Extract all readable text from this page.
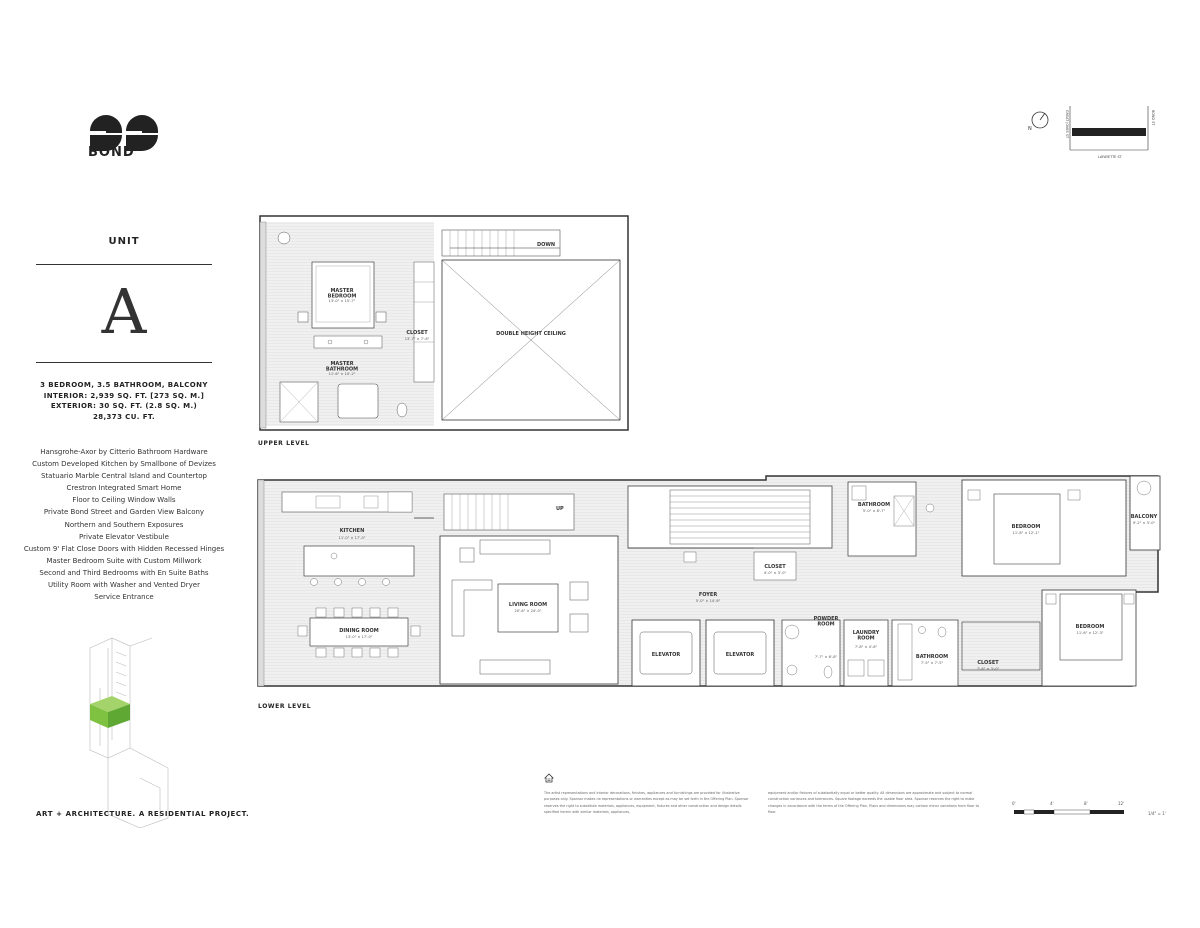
BOND
UNIT
A
3 BEDROOM, 3.5 BATHROOM, BALCONY
INTERIOR: 2,939 SQ. FT. [273 SQ. M.]
EXTERIOR: 30 SQ. FT. (2.8 SQ. M.)
28,373 CU. FT.
Hansgrohe-Axor by Citterio Bathroom Hardware
Custom Developed Kitchen by Smallbone of Devizes
Statuario Marble Central Island and Countertop
Crestron Integrated Smart Home
Floor to Ceiling Window Walls
Private Bond Street and Garden View Balcony
Northern and Southern Exposures
Private Elevator Vestibule
Custom 9' Flat Close Doors with Hidden Recessed Hinges
Master Bedroom Suite with Custom Millwork
Second and Third Bedrooms with En Suite Baths
Utility Room with Washer and Vented Dryer
Service Entrance
ART + ARCHITECTURE. A RESIDENTIAL PROJECT.
N	GREAT JONES ST	BOND ST
LAFAYETTE ST
DOWN
DOUBLE HEIGHT CEILING
CLOSET
13'-7" × 7'-6"
MASTER BEDROOM
13'-0" × 15'-7"
MASTER BATHROOM
11'-6" × 10'-2"
UPPER LEVEL
KITCHEN
11'-0" × 17'-0"
DINING ROOM
13'-0" × 17'-0"
UP
LIVING ROOM
20'-6" × 24'-0"
CLOSET
4'-0" × 3'-0"
FOYER
5'-0" × 14'-6"
ELEVATOR	ELEVATOR
POWDER ROOM
7'-7" × 6'-8"
LAUNDRY ROOM
7'-8" × 4'-6"
BATHROOM
7'-5" × 7'-5"	CLOSET
7'-6" × 3'-0"
BATHROOM
5'-0" × 8'-7"
BEDROOM
11'-8" × 12'-1"
BALCONY
9'-2" × 3'-0"
BEDROOM
11'-6" × 12'-3"
LOWER LEVEL
The artist representations and interior decorations, finishes, appliances and furnishings are provided for illustrative purposes only. Sponsor makes no representations or warranties except as may be set forth in the Offering Plan. Sponsor reserves the right to substitute materials, appliances, equipment, fixtures and other construction and design details specified herein with similar materials, appliances,
equipment and/or fixtures of substantially equal or better quality. All dimensions are approximate and subject to normal construction variances and tolerances. Square footage exceeds the usable floor area. Sponsor reserves the right to make changes in accordance with the terms of the Offering Plan. Plans and dimensions may contain minor variations from floor to floor.
0'	4'	8'	12'
1/4" = 1'
